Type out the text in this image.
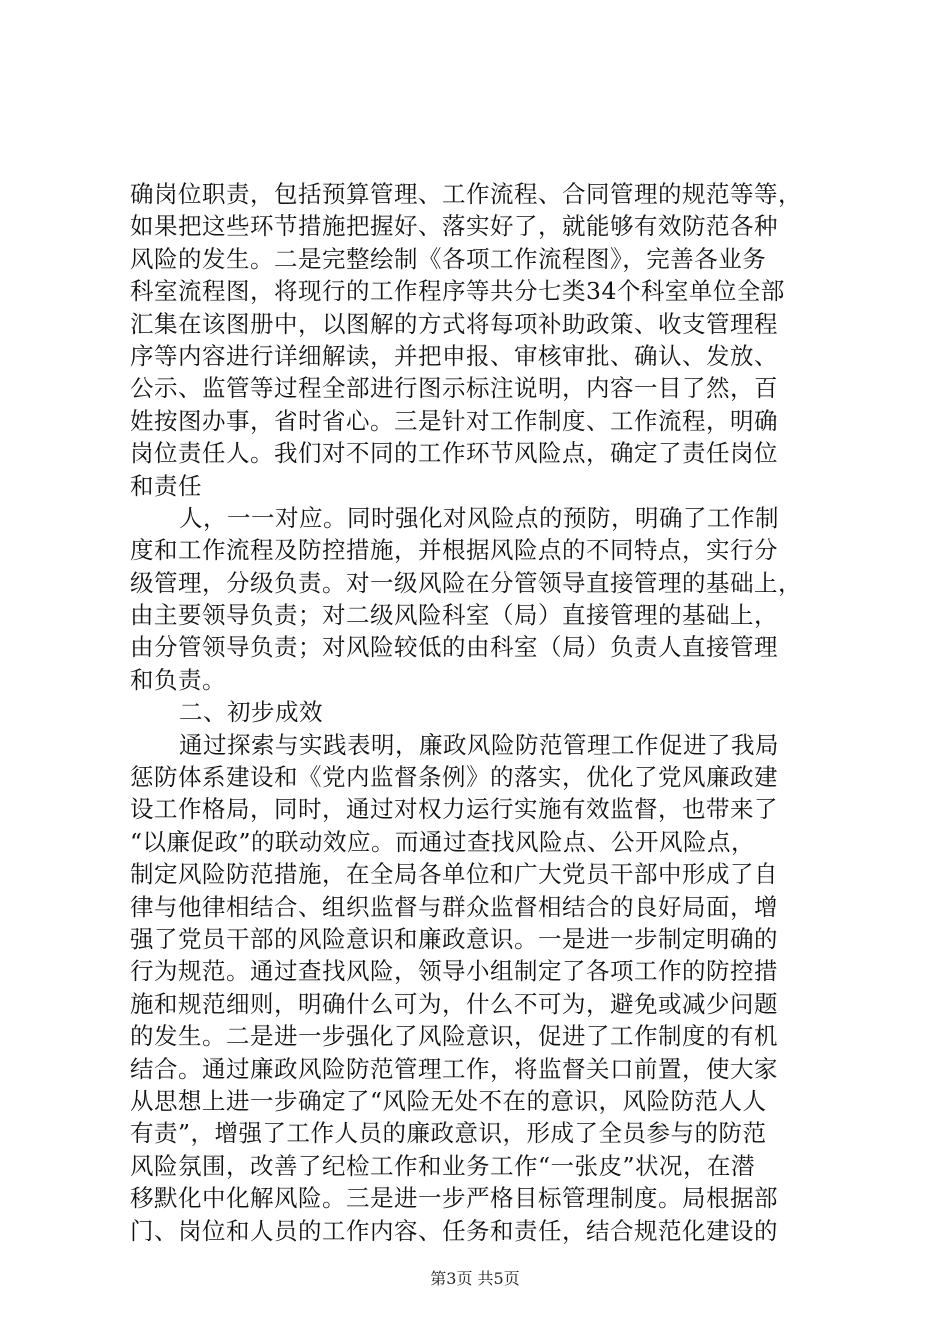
确岗位职责，包括预算管理、工作流程、合同管理的规范等等，
如果把这些环节措施把握好、落实好了，就能够有效防范各种
风险的发生。二是完整绘制《各项工作流程图》，完善各业务
科室流程图，将现行的工作程序等共分七类34个科室单位全部
汇集在该图册中，以图解的方式将每项补助政策、收支管理程
序等内容进行详细解读，并把申报、审核审批、确认、发放、
公示、监管等过程全部进行图示标注说明，内容一目了然，百
姓按图办事，省时省心。三是针对工作制度、工作流程，明确
岗位责任人。我们对不同的工作环节风险点，确定了责任岗位
和责任
人，一一对应。同时强化对风险点的预防，明确了工作制
度和工作流程及防控措施，并根据风险点的不同特点，实行分
级管理，分级负责。对一级风险在分管领导直接管理的基础上，
由主要领导负责；对二级风险科室（局）直接管理的基础上，
由分管领导负责；对风险较低的由科室（局）负责人直接管理
和负责。
二、初步成效
通过探索与实践表明，廉政风险防范管理工作促进了我局
惩防体系建设和《党内监督条例》的落实，优化了党风廉政建
设工作格局，同时，通过对权力运行实施有效监督，也带来了
“以廉促政”的联动效应。而通过查找风险点、公开风险点，
制定风险防范措施，在全局各单位和广大党员干部中形成了自
律与他律相结合、组织监督与群众监督相结合的良好局面，增
强了党员干部的风险意识和廉政意识。一是进一步制定明确的
行为规范。通过查找风险，领导小组制定了各项工作的防控措
施和规范细则，明确什么可为，什么不可为，避免或减少问题
的发生。二是进一步强化了风险意识，促进了工作制度的有机
结合。通过廉政风险防范管理工作，将监督关口前置，使大家
从思想上进一步确定了“风险无处不在的意识，风险防范人人
有责”，增强了工作人员的廉政意识，形成了全员参与的防范
风险氛围，改善了纪检工作和业务工作“一张皮”状况，在潜
移默化中化解风险。三是进一步严格目标管理制度。局根据部
门、岗位和人员的工作内容、任务和责任，结合规范化建设的
第3页 共5页
